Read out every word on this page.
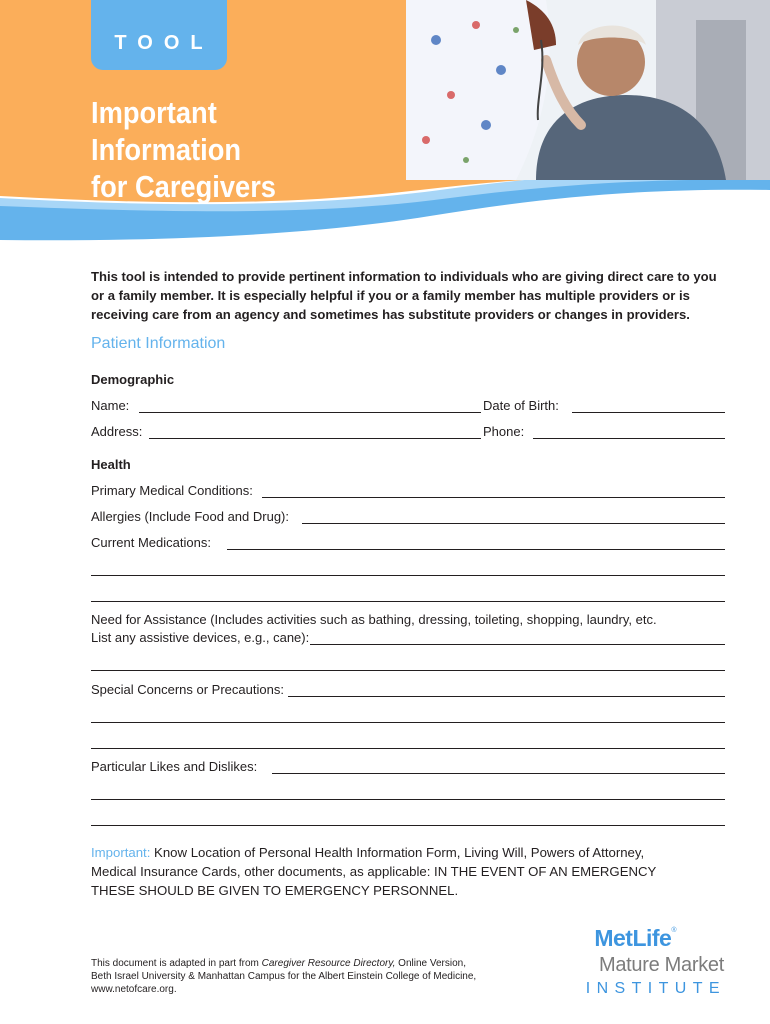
TOOL
Important Information
for Caregivers
This tool is intended to provide pertinent information to individuals who are giving direct care to you or a family member. It is especially helpful if you or a family member has multiple providers or is receiving care from an agency and sometimes has substitute providers or changes in providers.
Patient Information
Demographic
Name:	Date of Birth:
Address:	Phone:
Health
Primary Medical Conditions:
Allergies (Include Food and Drug):
Current Medications:
Need for Assistance (Includes activities such as bathing, dressing, toileting, shopping, laundry, etc.
List any assistive devices, e.g., cane):
Special Concerns or Precautions:
Particular Likes and Dislikes:
Important: Know Location of Personal Health Information Form, Living Will, Powers of Attorney,
Medical Insurance Cards, other documents, as applicable: IN THE EVENT OF AN EMERGENCY
THESE SHOULD BE GIVEN TO EMERGENCY PERSONNEL.
This document is adapted in part from Caregiver Resource Directory, Online Version,
Beth Israel University & Manhattan Campus for the Albert Einstein College of Medicine,
www.netofcare.org.
MetLife®
Mature Market
INSTITUTE
